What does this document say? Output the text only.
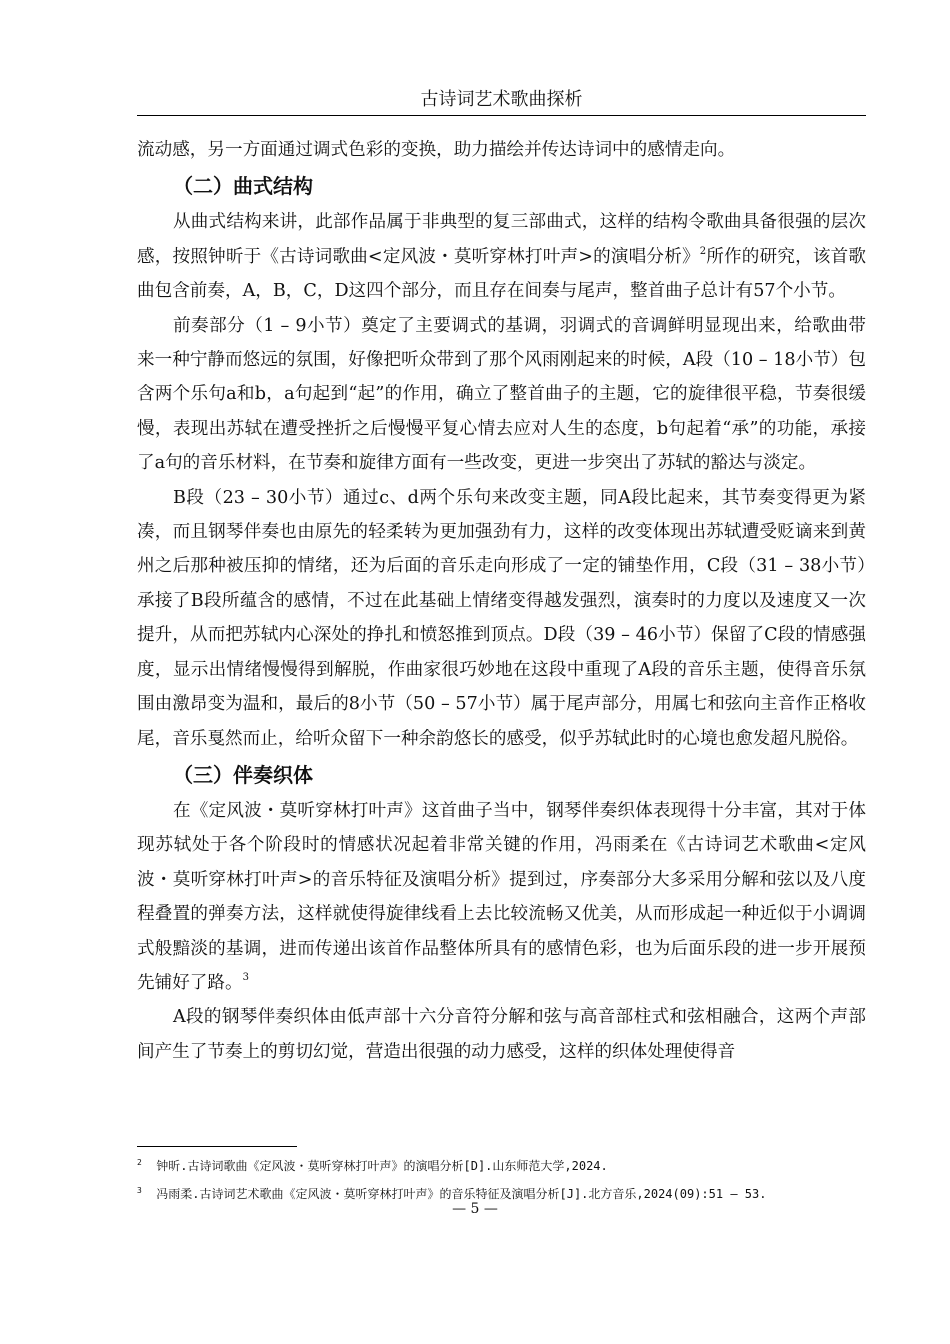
古诗词艺术歌曲探析

流动感，另一方面通过调式色彩的变换，助力描绘并传达诗词中的感情走向。

（二）曲式结构

从曲式结构来讲，此部作品属于非典型的复三部曲式，这样的结构令歌曲具备很强的层次感，按照钟昕于《古诗词歌曲<定风波・莫听穿林打叶声>的演唱分析》$^2$所作的研究，该首歌曲包含前奏，A，B，C，D这四个部分，而且存在间奏与尾声，整首曲子总计有57个小节。

前奏部分（1 – 9小节）奠定了主要调式的基调，羽调式的音调鲜明显现出来，给歌曲带来一种宁静而悠远的氛围，好像把听众带到了那个风雨刚起来的时候，A段（10 – 18小节）包含两个乐句a和b，a句起到“起”的作用，确立了整首曲子的主题，它的旋律很平稳，节奏很缓慢，表现出苏轼在遭受挫折之后慢慢平复心情去应对人生的态度，b句起着“承”的功能，承接了a句的音乐材料，在节奏和旋律方面有一些改变，更进一步突出了苏轼的豁达与淡定。

B段（23 – 30小节）通过c、d两个乐句来改变主题，同A段比起来，其节奏变得更为紧凑，而且钢琴伴奏也由原先的轻柔转为更加强劲有力，这样的改变体现出苏轼遭受贬谪来到黄州之后那种被压抑的情绪，还为后面的音乐走向形成了一定的铺垫作用，C段（31 – 38小节）承接了B段所蕴含的感情，不过在此基础上情绪变得越发强烈，演奏时的力度以及速度又一次提升，从而把苏轼内心深处的挣扎和愤怒推到顶点。D段（39 – 46小节）保留了C段的情感强度，显示出情绪慢慢得到解脱，作曲家很巧妙地在这段中重现了A段的音乐主题，使得音乐氛围由激昂变为温和，最后的8小节（50 – 57小节）属于尾声部分，用属七和弦向主音作正格收尾，音乐戛然而止，给听众留下一种余韵悠长的感受，似乎苏轼此时的心境也愈发超凡脱俗。

（三）伴奏织体

在《定风波・莫听穿林打叶声》这首曲子当中，钢琴伴奏织体表现得十分丰富，其对于体现苏轼处于各个阶段时的情感状况起着非常关键的作用，冯雨柔在《古诗词艺术歌曲<定风波・莫听穿林打叶声>的音乐特征及演唱分析》提到过，序奏部分大多采用分解和弦以及八度程叠置的弹奏方法，这样就使得旋律线看上去比较流畅又优美，从而形成起一种近似于小调调式般黯淡的基调，进而传递出该首作品整体所具有的感情色彩，也为后面乐段的进一步开展预先铺好了路。$^3$

A段的钢琴伴奏织体由低声部十六分音符分解和弦与高音部柱式和弦相融合，这两个声部间产生了节奏上的剪切幻觉，营造出很强的动力感受，这样的织体处理使得音

$^2$ 钟昕.古诗词歌曲《定风波・莫听穿林打叶声》的演唱分析[D].山东师范大学,2024.
$^3$ 冯雨柔.古诗词艺术歌曲《定风波・莫听穿林打叶声》的音乐特征及演唱分析[J].北方音乐,2024(09):51 – 53.
— 5 —
